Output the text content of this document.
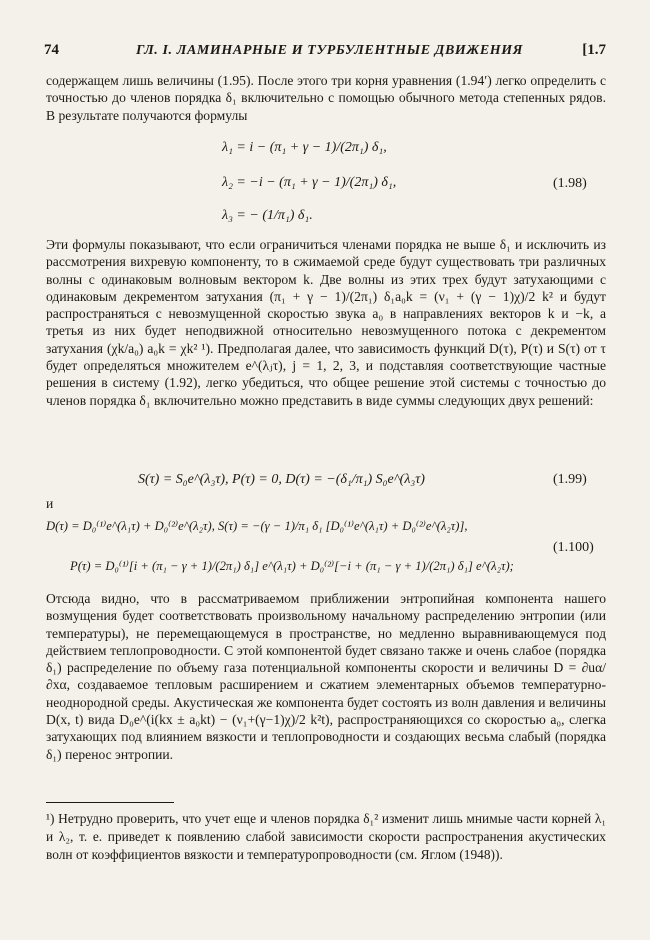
74	ГЛ. I. ЛАМИНАРНЫЕ И ТУРБУЛЕНТНЫЕ ДВИЖЕНИЯ	[1.7
содержащем лишь величины (1.95). После этого три корня уравнения (1.94′) легко определить с точностью до членов порядка δ₁ включительно с помощью обычного метода степенных рядов. В результате получаются формулы
λ₁ = i − (π₁ + γ − 1)/(2π₁) δ₁,
λ₂ = −i − (π₁ + γ − 1)/(2π₁) δ₁,
λ₃ = − (1/π₁) δ₁.
(1.98)
Эти формулы показывают, что если ограничиться членами порядка не выше δ₁ и исключить из рассмотрения вихревую компоненту, то в сжимаемой среде будут существовать три различных волны с одинаковым волновым вектором k. Две волны из этих трех будут затухающими с одинаковым декрементом затухания (π₁ + γ − 1)/(2π₁) δ₁a₀k = (ν₁ + (γ − 1)χ)/2 k² и будут распространяться с невозмущенной скоростью звука a₀ в направлениях векторов k и −k, а третья из них будет неподвижной относительно невозмущенного потока с декрементом затухания (χk/a₀) a₀k = χk² ¹). Предполагая далее, что зависимость функций D(τ), P(τ) и S(τ) от τ будет определяться множителем e^(λⱼτ), j = 1, 2, 3, и подставляя соответствующие частные решения в систему (1.92), легко убедиться, что общее решение этой системы с точностью до членов порядка δ₁ включительно можно представить в виде суммы следующих двух решений:
S(τ) = S₀e^(λ₃τ), P(τ) = 0, D(τ) = −(δ₁/π₁) S₀e^(λ₃τ)	(1.99)
и
D(τ) = D₀⁽¹⁾e^(λ₁τ) + D₀⁽²⁾e^(λ₂τ), S(τ) = −(γ − 1)/π₁ δ₁ [D₀⁽¹⁾e^(λ₁τ) + D₀⁽²⁾e^(λ₂τ)],
(1.100)
P(τ) = D₀⁽¹⁾[i + (π₁ − γ + 1)/(2π₁) δ₁] e^(λ₁τ) + D₀⁽²⁾[−i + (π₁ − γ + 1)/(2π₁) δ₁] e^(λ₂τ);
Отсюда видно, что в рассматриваемом приближении энтропийная компонента нашего возмущения будет соответствовать произвольному начальному распределению энтропии (или температуры), не перемещающемуся в пространстве, но медленно выравнивающемуся под действием теплопроводности. С этой компонентой будет связано также и очень слабое (порядка δ₁) распределение по объему газа потенциальной компоненты скорости и величины D = ∂uα/∂xα, создаваемое тепловым расширением и сжатием элементарных объемов температурно-неоднородной среды. Акустическая же компонента будет состоять из волн давления и величины D(x, t) вида D₀e^(i(kx ± a₀kt) − (ν₁+(γ−1)χ)/2 k²t), распространяющихся со скоростью a₀, слегка затухающих под влиянием вязкости и теплопроводности и создающих весьма слабый (порядка δ₁) перенос энтропии.
¹) Нетрудно проверить, что учет еще и членов порядка δ₁² изменит лишь мнимые части корней λ₁ и λ₂, т. е. приведет к появлению слабой зависимости скорости распространения акустических волн от коэффициентов вязкости и температуропроводности (см. Яглом (1948)).
